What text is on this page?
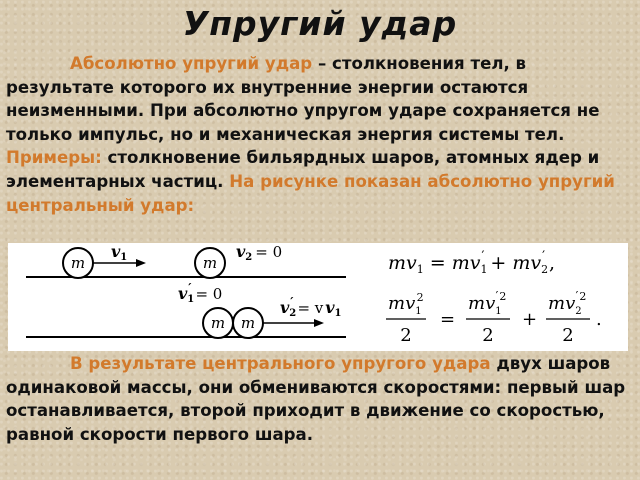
Упругий удар
Абсолютно упругий удар – столкновения тел, в результате которого их внутренние энергии остаются неизменными. При абсолютно упругом ударе сохраняется не только импульс, но и механическая энергия системы тел. Примеры: столкновение бильярдных шаров, атомных ядер и элементарных частиц. На рисунке показан абсолютно упругий центральный удар:
m
v1	m
v2 = 0
v1′ = 0
m m
v2′ = v v1
$mv_1 = mv_1' + mv_2'$ ,
$mv_12$
2
=
$mv_1'2$
2
+
$mv_2'2$
2
.
В результате центрального упругого удара двух шаров одинаковой массы, они обмениваются скоростями: первый шар останавливается, второй приходит в движение со скоростью, равной скорости первого шара.
